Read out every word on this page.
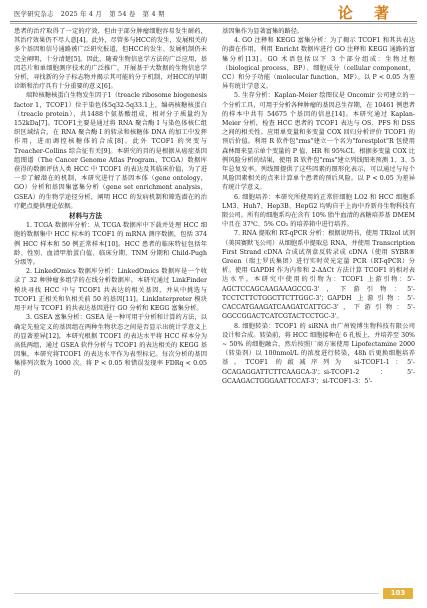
医学研究杂志 2025 年 4 月 第 54 卷 第 4 期	论 著

患者的治疗取得了一定的疗效，但由于部分肿瘤细胞容易发生耐药，其治疗效果仍不尽人意[4]。此外，尽管多与HCC的发生，发展相关的多个基因和信号通路被广泛研究报道，但HCC的发生、发展机制仍未完全阐明，十分清楚[5]。因此，随着生物信息学方法的广泛应用，基因芯片和单细胞测序技术的广泛推广，开展基于大数据的生物信息学分析，寻找新的分子标志物并揭示其可能的分子机制，对HCC的早期诊断和治疗具有十分重要的意义[6]。

端粒核糖核蛋白生物发生因子1（treacle ribosome biogenesis factor 1，TCOF1）位于染色体5q32-5q33.1上，编码核糖核蛋白（treacle protein），共1488个氨基酸组成，相对分子质量约为152kDa[7]。TCOF1主要是通过将 RNA 聚合酶 I 与染色体核仁组织区域结合，在 RNA 聚合酶 I 的转录和核糖体 DNA 的加工中发挥作用，进而调控核糖体的合成[8]。此外 TCOF1 的突变与 Treacher-Collins 综合征有关[9]。本研究的目的是根据从癌症基因组图谱（The Cancer Genome Atlas Program，TCGA）数据库获得的数据评估人类 HCC 中 TCOF1 的表达及其临床价值，为了进一步了解潜在的机制，本研究进行了基因本体（gene ontology，GO）分析和基因集富集分析（gene set enrichment analysis，GSEA）的生物学途径分析，阐明 HCC 的发病机制和筛选潜在的治疗靶点提供理论依据。

材料与方法

1. TCGA 数据库分析：从 TCGA 数据库中下载并处理 HCC 细胞的数据集中 HCC 标本的 TCOF1 的 mRNA 测序数据，包括 374 例 HCC 样本和 50 例正常样本[10]。HCC 患者的临床特征包括年龄、性别、血清甲胎蛋白值、临床分期、TNM 分期和 Child-Pugh 分级等。

2. LinkedOmics 数据库分析：LinkedOmics 数据库是一个收录了 32 种肿瘤多组学的在线分析数据库。本研究通过 LinkFinder 模块寻找 HCC 中与 TCOF1 共表达的相关基因，并从中挑选与 TCOF1 正相关和负相关前 50 的基因[11]。LinkInterpreter 模块用于对与 TCOF1 的共表达基因进行 GO 分析和 KEGG 富集分析。

3. GSEA 富集分析：GSEA 是一种可用于分析和计算的方法，以确定先验定义的基因组在两种生物状态之间是否显示出统计学意义上的显著差异[12]。本研究根据 TCOF1 的表达水平将 HCC 样本分为高低两组，通过 GSEA 软件分析与 TCOF1 的表达相关的 KEGG 基因集，本研究将TCOF1 的表达水平作为表型标记。每次分析的基因集排列次数为 1000 次。将 P < 0.05 和错误发现率 FDRq < 0.05 的

基因集作为显著富集的路径。

4. GO 注释和 KEGG 富集分析：为了揭示 TCOF1 和其共表达的潜在作用，利用 Enricht 数据库进行 GO 注释和 KEGG 通路的富集分析[13]。GO 术语包括以下 3 个部分组成：生物过程（biological process，BP）、细胞成分（cellular component，CC）和分子功能（molecular function，MF）。以 P < 0.05 为差异有统计学意义。

5. 生存分析：Kaplan-Meier 绘图仪是 Oncomir 公司建立的一个分析工具，可用于分析各种肿瘤的基因总生存期，在 10461 例患者的样本中共有 54675 个基因的信息[14]。本研究通过 Kaplan-Meier 分析，检查 HCC 患者的 TCOF1 表达与 OS、PFS 和 DSS 之间的相关性。应用单变量和多变量 COX 回归分析评价 TCOF1 的预后价值。利用 R 软件包"rms"建立一个名为"forestplot"R 包使用森林图来显示单个变量的 P 值、HR 和 95%CI。根据多变量 COX 比例风险分析的结果，使用 R 软件包"rms"建立列线图来预测 1、3、5 年总复发率。列线图提供了这些因素的图形化表示，可以通过与每个风险因素相关的点来计算单个患者的预后风险。以 P < 0.05 为差异有统计学意义。

6. 细胞培养：本研究所使用的正常肝细胞 LO2 和 HCC 细胞系 LM3、Huh7、Hep3B、HepG2 均购自于上海中乔新舟生物科技有限公司。所有的细胞系均在含有 10% 胎牛血清的高糖培养基 DMEM 中且在 37℃、5% CO₂ 的培养箱中进行培养。

7. RNA 提取和 RT-qPCR 分析：根据说明书，使用 TRIzol 试剂（美国赛默飞公司）从细胞系中提取总 RNA，并使用 Transcription First Strand cDNA 合成试剂盒反转录成 cDNA（使用 SYBR® Green（瑞士罗氏集团）进行实时荧光定量 PCR（RT-qPCR）分析。使用 GAPDH 作为内参和 2-ΔΔCt 方法计算 TCOF1 的相对表达水平。本研究中使用的引物为：TCOF1 上游引物：5'-AGCTCCAGCAAGAAAGCCG-3'，下游引物：5'-TCCTCTTCTGGCTTCTTGGC-3'；GAPDH 上游引物：5'-CACCATGAAGATCAAGATCATTGC-3'，下游引物：5'-GGCCGGACTCATCGTACTCCTGC-3'。

8. 细胞转染：TCOF1 的 siRNA 由广州锐博生物科技有限公司设计和合成。转染前，将 HCC 细胞接种在 6 孔板上，并培养至 30% ~ 50% 的细胞融合，然后按照厂商方案使用 Lipofectamine 2000（转染剂）以 100nmol/L 的浓度进行转染，48h 后更换细胞培养基。TCOF1 的敲减序列为 si-TCOF1-1：5'-GCAGAGGATTCTTCAAGCA-3'；si-TCOF1-2：5'-GCAAGACTGGGAATTCCAT-3'；si-TCOF1-3：5'-

103
